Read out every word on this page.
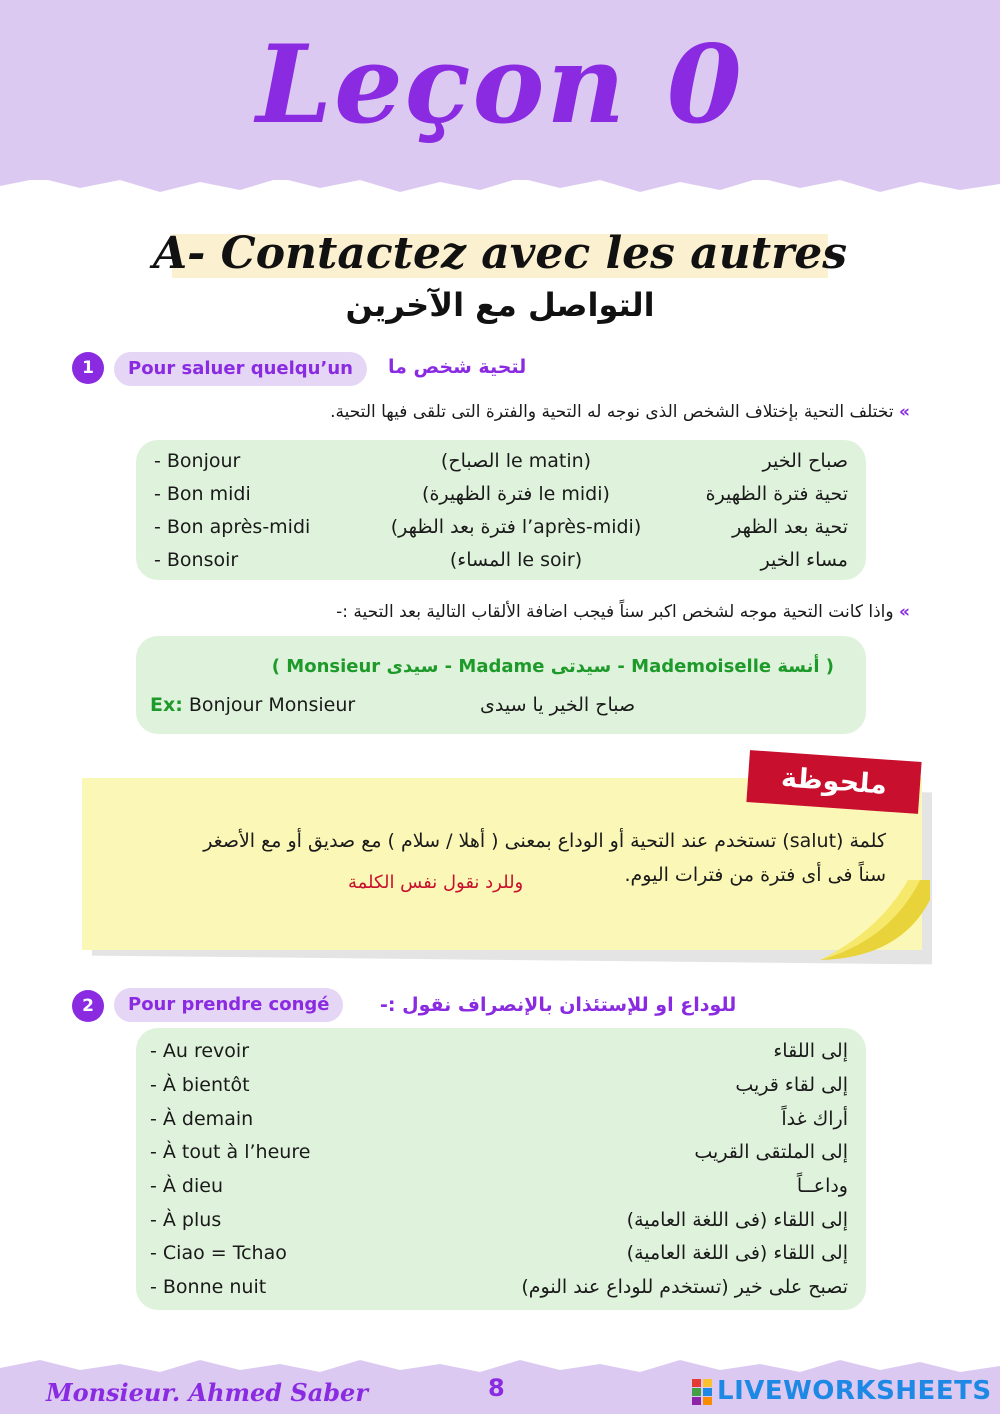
Leçon 0
A- Contactez avec les autres
التواصل مع الآخرين
1	Pour saluer quelqu’un	لتحية شخص ما
» تختلف التحية بإختلاف الشخص الذى نوجه له التحية والفترة التى تلقى فيها التحية.
- Bonjour	(le matin الصباح)	صباح الخير
- Bon midi	(le midi فترة الظهيرة)	تحية فترة الظهيرة
- Bon après-midi	(l’après-midi فترة بعد الظهر)	تحية بعد الظهر
- Bonsoir	(le soir المساء)	مساء الخير
» واذا كانت التحية موجه لشخص اكبر سناً فيجب اضافة الألقاب التالية بعد التحية :-
( أنسة Mademoiselle - سيدتى Madame - سيدى Monsieur )
Ex: Bonjour Monsieur	صباح الخير يا سيدى
ملحوظة
كلمة (salut) تستخدم عند التحية أو الوداع بمعنى ( أهلا / سلام ) مع صديق أو مع الأصغر
سناً فى أى فترة من فترات اليوم.
وللرد نقول نفس الكلمة
2	Pour prendre congé	للوداع او للإستئذان بالإنصراف نقول :-
- Au revoir	إلى اللقاء
- À bientôt	إلى لقاء قريب
- À demain	أراك غداً
- À tout à l’heure	إلى الملتقى القريب
- À dieu	وداعــاً
- À plus	إلى اللقاء (فى اللغة العامية)
- Ciao = Tchao	إلى اللقاء (فى اللغة العامية)
- Bonne nuit	تصبح على خير (تستخدم للوداع عند النوم)
Monsieur. Ahmed Saber	8	LIVEWORKSHEETS
